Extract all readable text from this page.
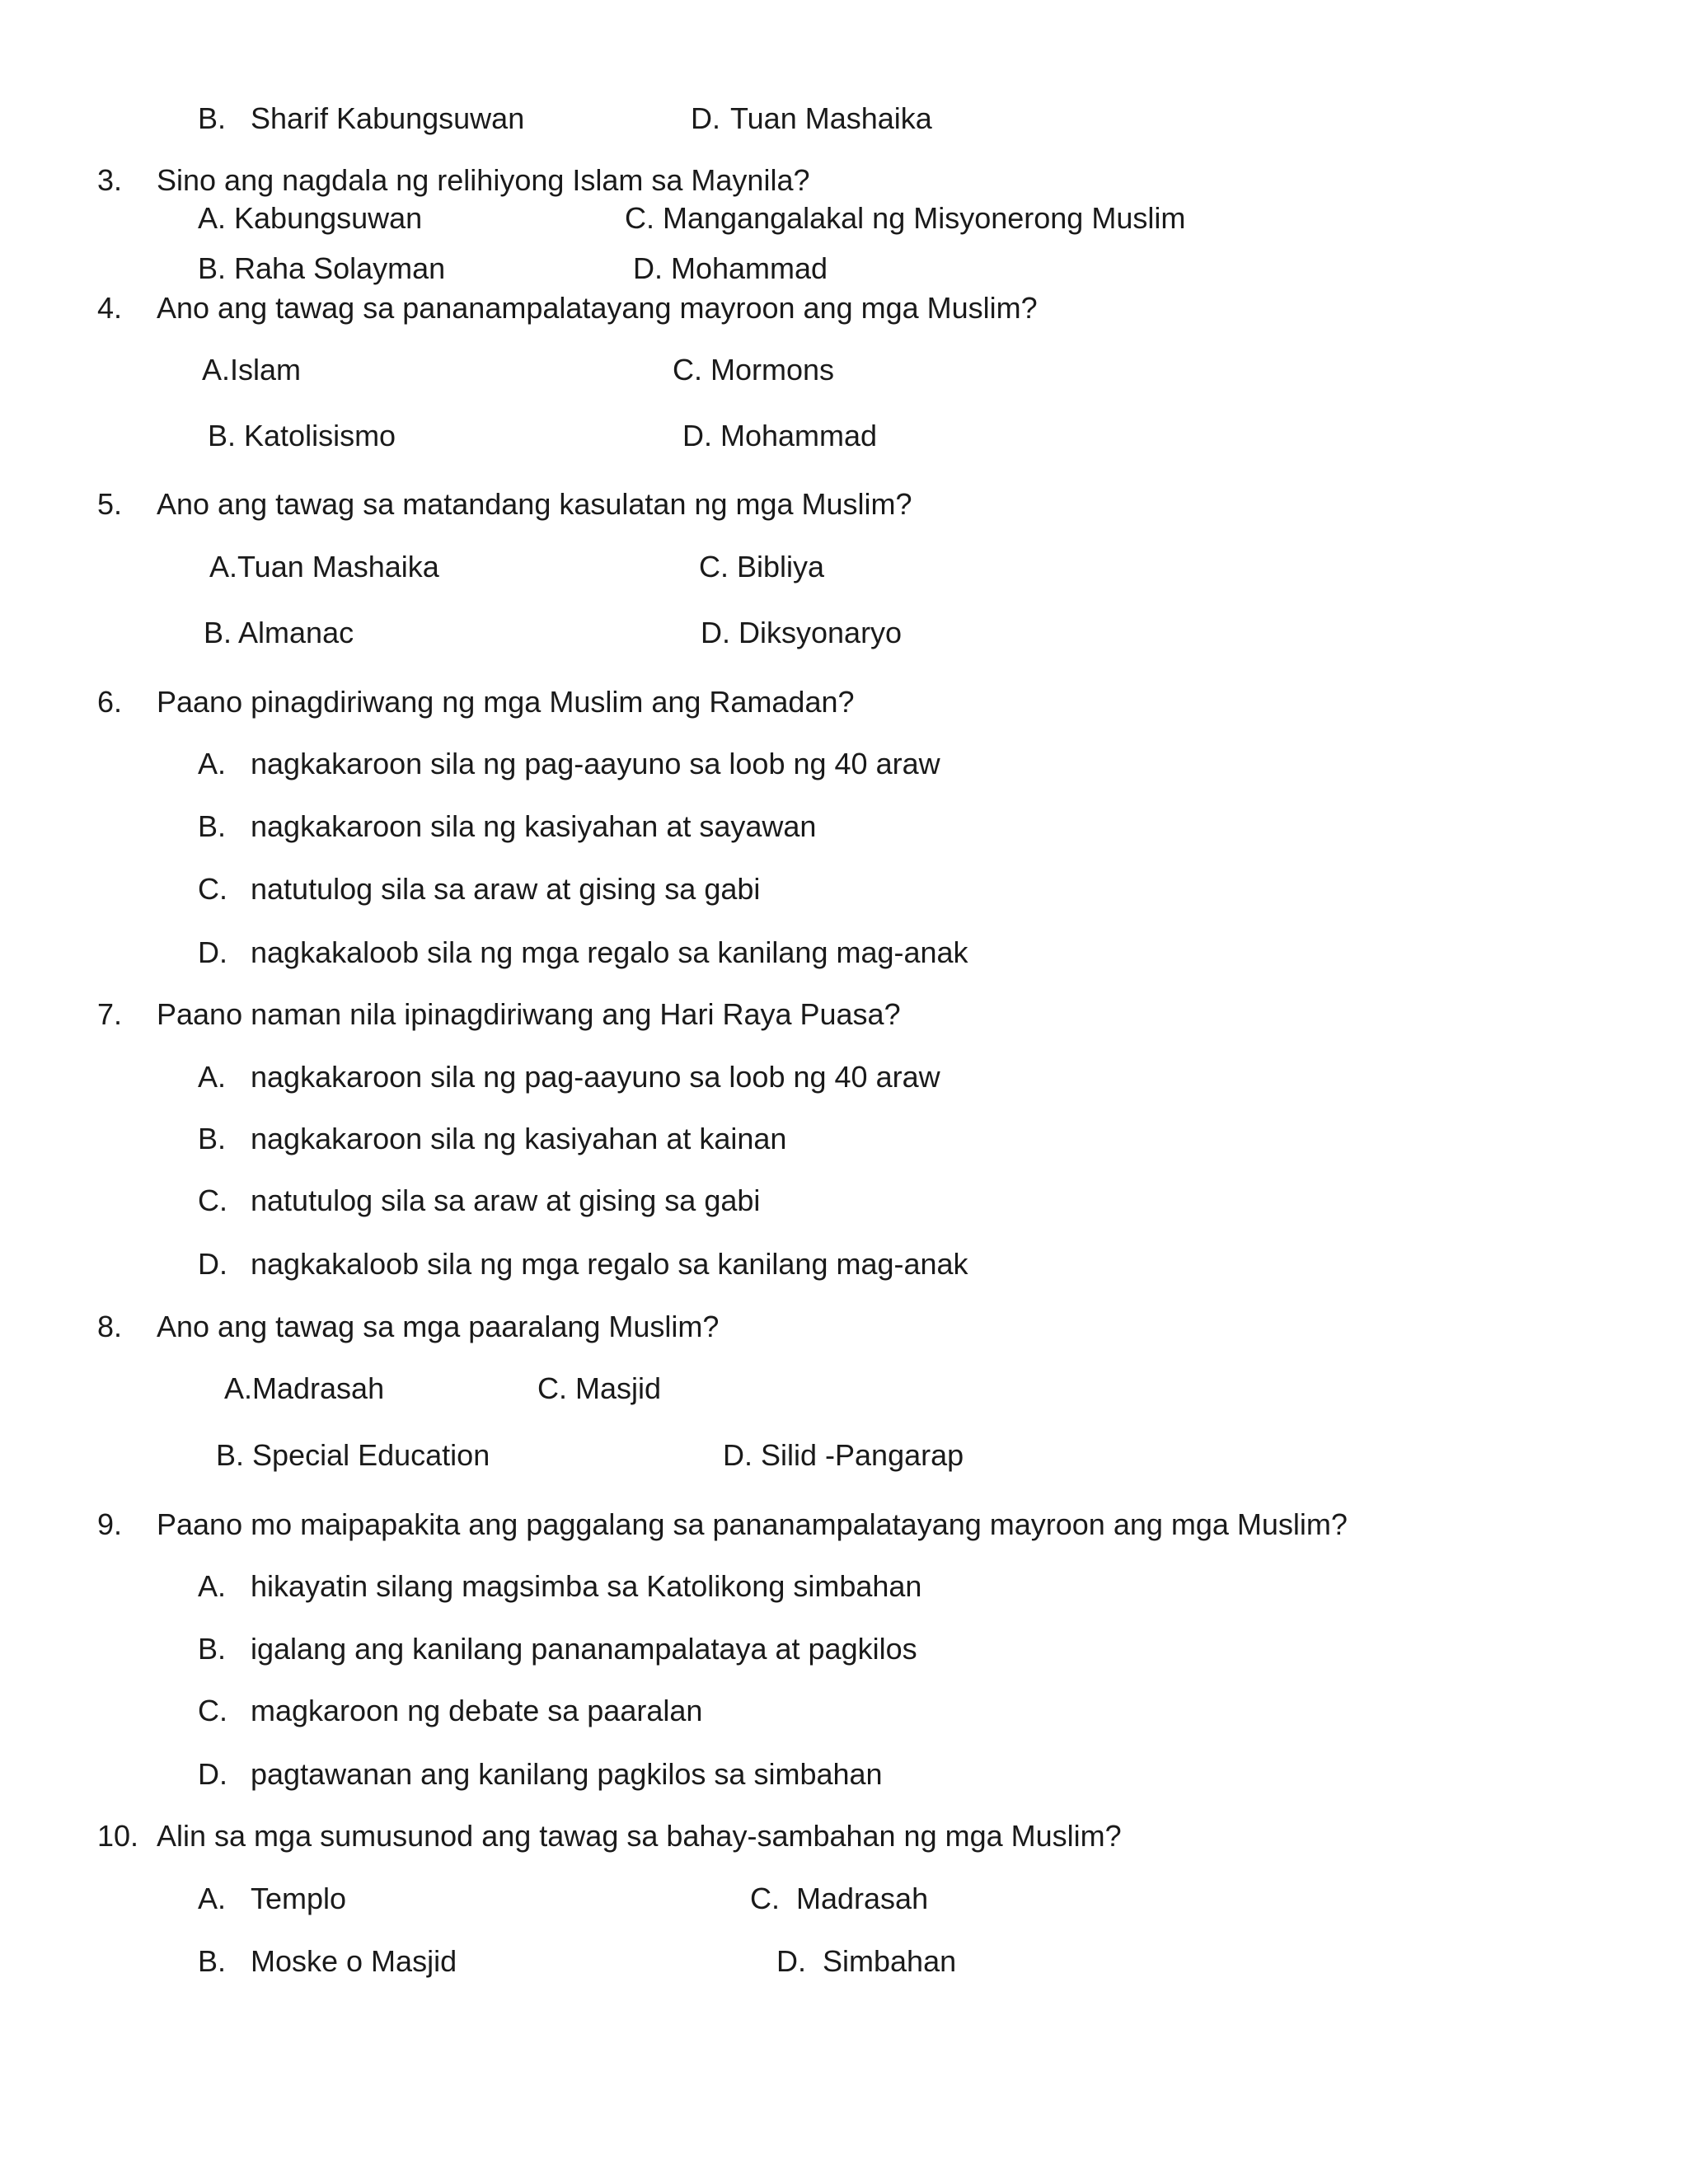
B. Sharif Kabungsuwan	D. Tuan Mashaika
3. Sino ang nagdala ng relihiyong Islam sa Maynila?
A. Kabungsuwan	C. Mangangalakal ng Misyonerong Muslim
B. Raha Solayman	D. Mohammad
4. Ano ang tawag sa pananampalatayang mayroon ang mga Muslim?
A.Islam	C. Mormons
B. Katolisismo	D. Mohammad
5. Ano ang tawag sa matandang kasulatan ng mga Muslim?
A.Tuan Mashaika	C. Bibliya
B. Almanac	D. Diksyonaryo
6. Paano pinagdiriwang ng mga Muslim ang Ramadan?
A. nagkakaroon sila ng pag-aayuno sa loob ng 40 araw
B. nagkakaroon sila ng kasiyahan at sayawan
C. natutulog sila sa araw at gising sa gabi
D. nagkakaloob sila ng mga regalo sa kanilang mag-anak
7. Paano naman nila ipinagdiriwang ang Hari Raya Puasa?
A. nagkakaroon sila ng pag-aayuno sa loob ng 40 araw
B. nagkakaroon sila ng kasiyahan at kainan
C. natutulog sila sa araw at gising sa gabi
D. nagkakaloob sila ng mga regalo sa kanilang mag-anak
8. Ano ang tawag sa mga paaralang Muslim?
A.Madrasah	C. Masjid
B. Special Education	D. Silid -Pangarap
9. Paano mo maipapakita ang paggalang sa pananampalatayang mayroon ang mga Muslim?
A. hikayatin silang magsimba sa Katolikong simbahan
B. igalang ang kanilang pananampalataya at pagkilos
C. magkaroon ng debate sa paaralan
D. pagtawanan ang kanilang pagkilos sa simbahan
10. Alin sa mga sumusunod ang tawag sa bahay-sambahan ng mga Muslim?
A. Templo	C. Madrasah
B. Moske o Masjid	D. Simbahan
